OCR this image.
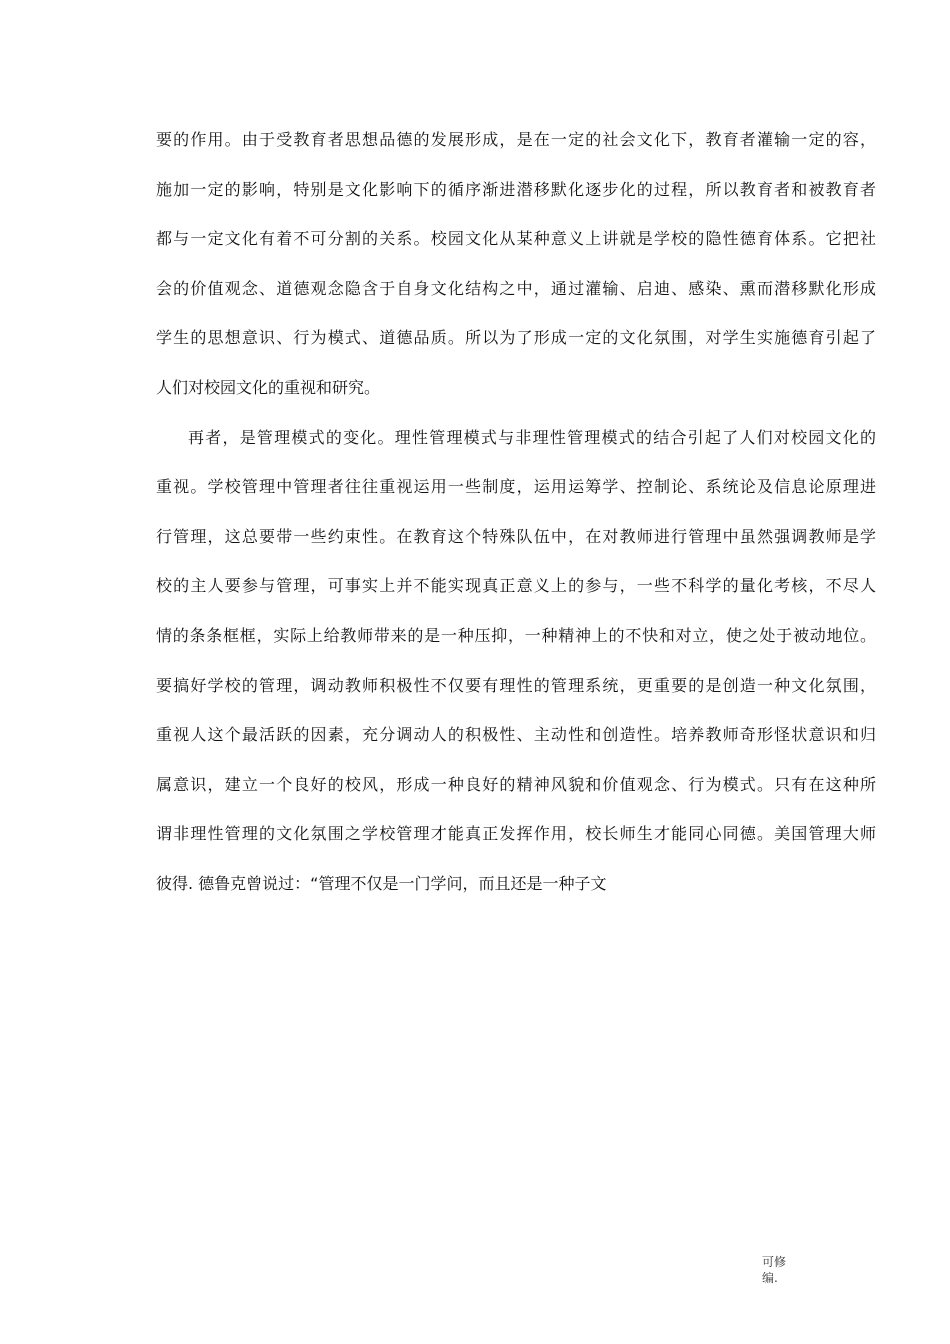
要的作用。由于受教育者思想品德的发展形成，是在一定的社会文化下，教育者灌输一定的容，
施加一定的影响，特别是文化影响下的循序渐进潜移默化逐步化的过程，所以教育者和被教育者
都与一定文化有着不可分割的关系。校园文化从某种意义上讲就是学校的隐性德育体系。它把社
会的价值观念、道德观念隐含于自身文化结构之中，通过灌输、启迪、感染、熏而潜移默化形成
学生的思想意识、行为模式、道德品质。所以为了形成一定的文化氛围，对学生实施德育引起了
人们对校园文化的重视和研究。
再者，是管理模式的变化。理性管理模式与非理性管理模式的结合引起了人们对校园文化的
重视。学校管理中管理者往往重视运用一些制度，运用运筹学、控制论、系统论及信息论原理进
行管理，这总要带一些约束性。在教育这个特殊队伍中，在对教师进行管理中虽然强调教师是学
校的主人要参与管理，可事实上并不能实现真正意义上的参与，一些不科学的量化考核，不尽人
情的条条框框，实际上给教师带来的是一种压抑，一种精神上的不快和对立，使之处于被动地位。
要搞好学校的管理，调动教师积极性不仅要有理性的管理系统，更重要的是创造一种文化氛围，
重视人这个最活跃的因素，充分调动人的积极性、主动性和创造性。培养教师奇形怪状意识和归
属意识，建立一个良好的校风，形成一种良好的精神风貌和价值观念、行为模式。只有在这种所
谓非理性管理的文化氛围之学校管理才能真正发挥作用，校长师生才能同心同德。美国管理大师
彼得. 德鲁克曾说过：“管理不仅是一门学问，而且还是一种子文
可修
编.
